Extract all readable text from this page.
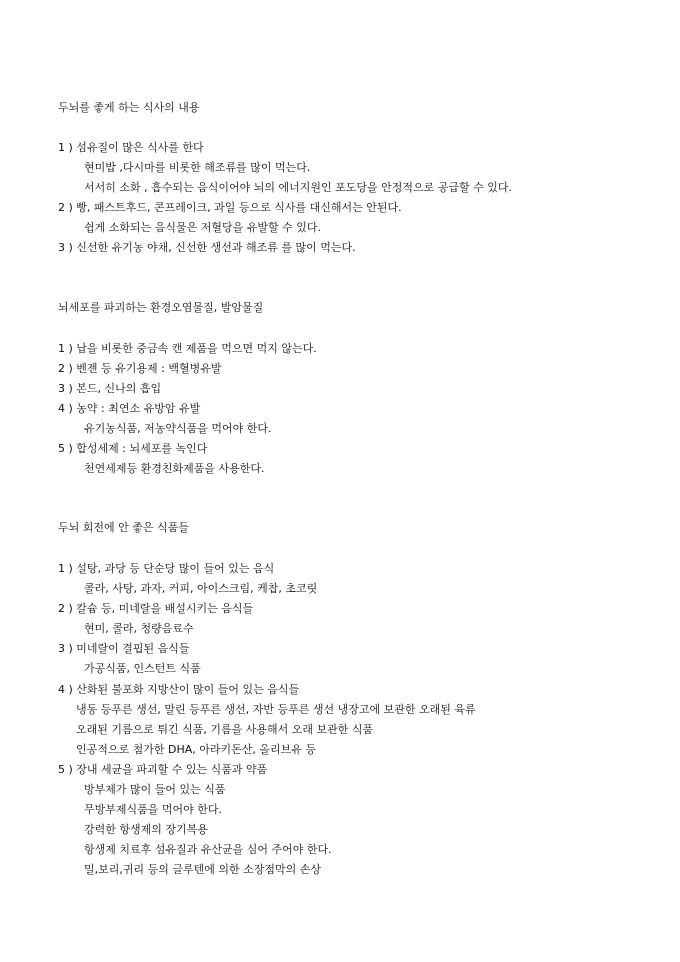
두뇌를 좋게 하는 식사의 내용
1 ) 섬유질이 많은 식사를 한다
현미밥 ,다시마를 비롯한 해조류를 많이 먹는다.
서서히 소화 , 흡수되는 음식이어야 뇌의 에너지원인 포도당을 안정적으로 공급할 수 있다.
2 ) 빵, 패스트후드, 콘프레이크, 과일 등으로 식사를 대신해서는 안된다.
쉽게 소화되는 음식물은 저혈당을 유발할 수 있다.
3 ) 신선한 유기농 야채, 신선한 생선과 해조류 를 많이 먹는다.
뇌세포를 파괴하는 환경오염물질, 발암물질
1 ) 납을 비롯한 중금속 캔 제품을 먹으면 먹지 않는다.
2 ) 벤젠 등 유기용제 : 백혈병유발
3 ) 본드, 신나의 흡입
4 ) 농약 : 최연소 유방암 유발
유기농식품, 저농약식품을 먹어야 한다.
5 ) 합성세제 : 뇌세포를 녹인다
천연세제등 환경친화제품을 사용한다.
두뇌 회전에 안 좋은 식품들
1 ) 설탕, 과당 등 단순당 많이 들어 있는 음식
콜라, 사탕, 과자, 커피, 아이스크림, 케찹, 초코릿
2 ) 칼슘 등, 미네랄을 배설시키는 음식들
현미, 콜라, 청량음료수
3 ) 미네랄이 결핍된 음식들
가공식품, 인스턴트 식품
4 ) 산화된 불포화 지방산이 많이 들어 있는 음식들
냉동 등푸른 생선, 말린 등푸른 생선, 자반 등푸른 생선 냉장고에 보관한 오래된 육류
오래된 기름으로 튀긴 식품, 기름을 사용해서 오래 보관한 식품
인공적으로 첨가한 DHA, 아라키돈산, 올리브유 등
5 ) 장내 세균을 파괴할 수 있는 식품과 약품
방부제가 많이 들어 있는 식품
무방부제식품을 먹어야 한다.
강력한 항생제의 장기복용
항생제 치료후 섬유질과 유산균을 심어 주어야 한다.
밀,보리,귀리 등의 글루텐에 의한 소장점막의 손상
